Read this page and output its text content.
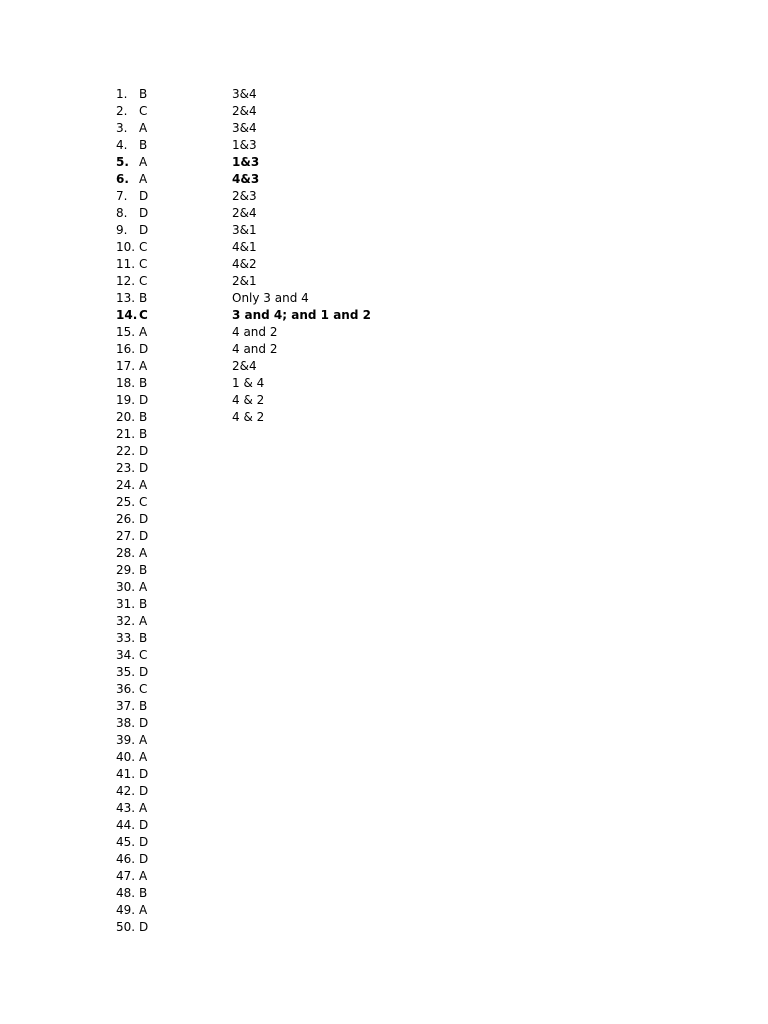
1. B	3&4
2. C	2&4
3. A	3&4
4. B	1&3
5. A	1&3
6. A	4&3
7. D	2&3
8. D	2&4
9. D	3&1
10. C	4&1
11. C	4&2
12. C	2&1
13. B	Only 3 and 4
14. C	3 and 4; and 1 and 2
15. A	4 and 2
16. D	4 and 2
17. A	2&4
18. B	1 & 4
19. D	4 & 2
20. B	4 & 2
21. B
22. D
23. D
24. A
25. C
26. D
27. D
28. A
29. B
30. A
31. B
32. A
33. B
34. C
35. D
36. C
37. B
38. D
39. A
40. A
41. D
42. D
43. A
44. D
45. D
46. D
47. A
48. B
49. A
50. D
